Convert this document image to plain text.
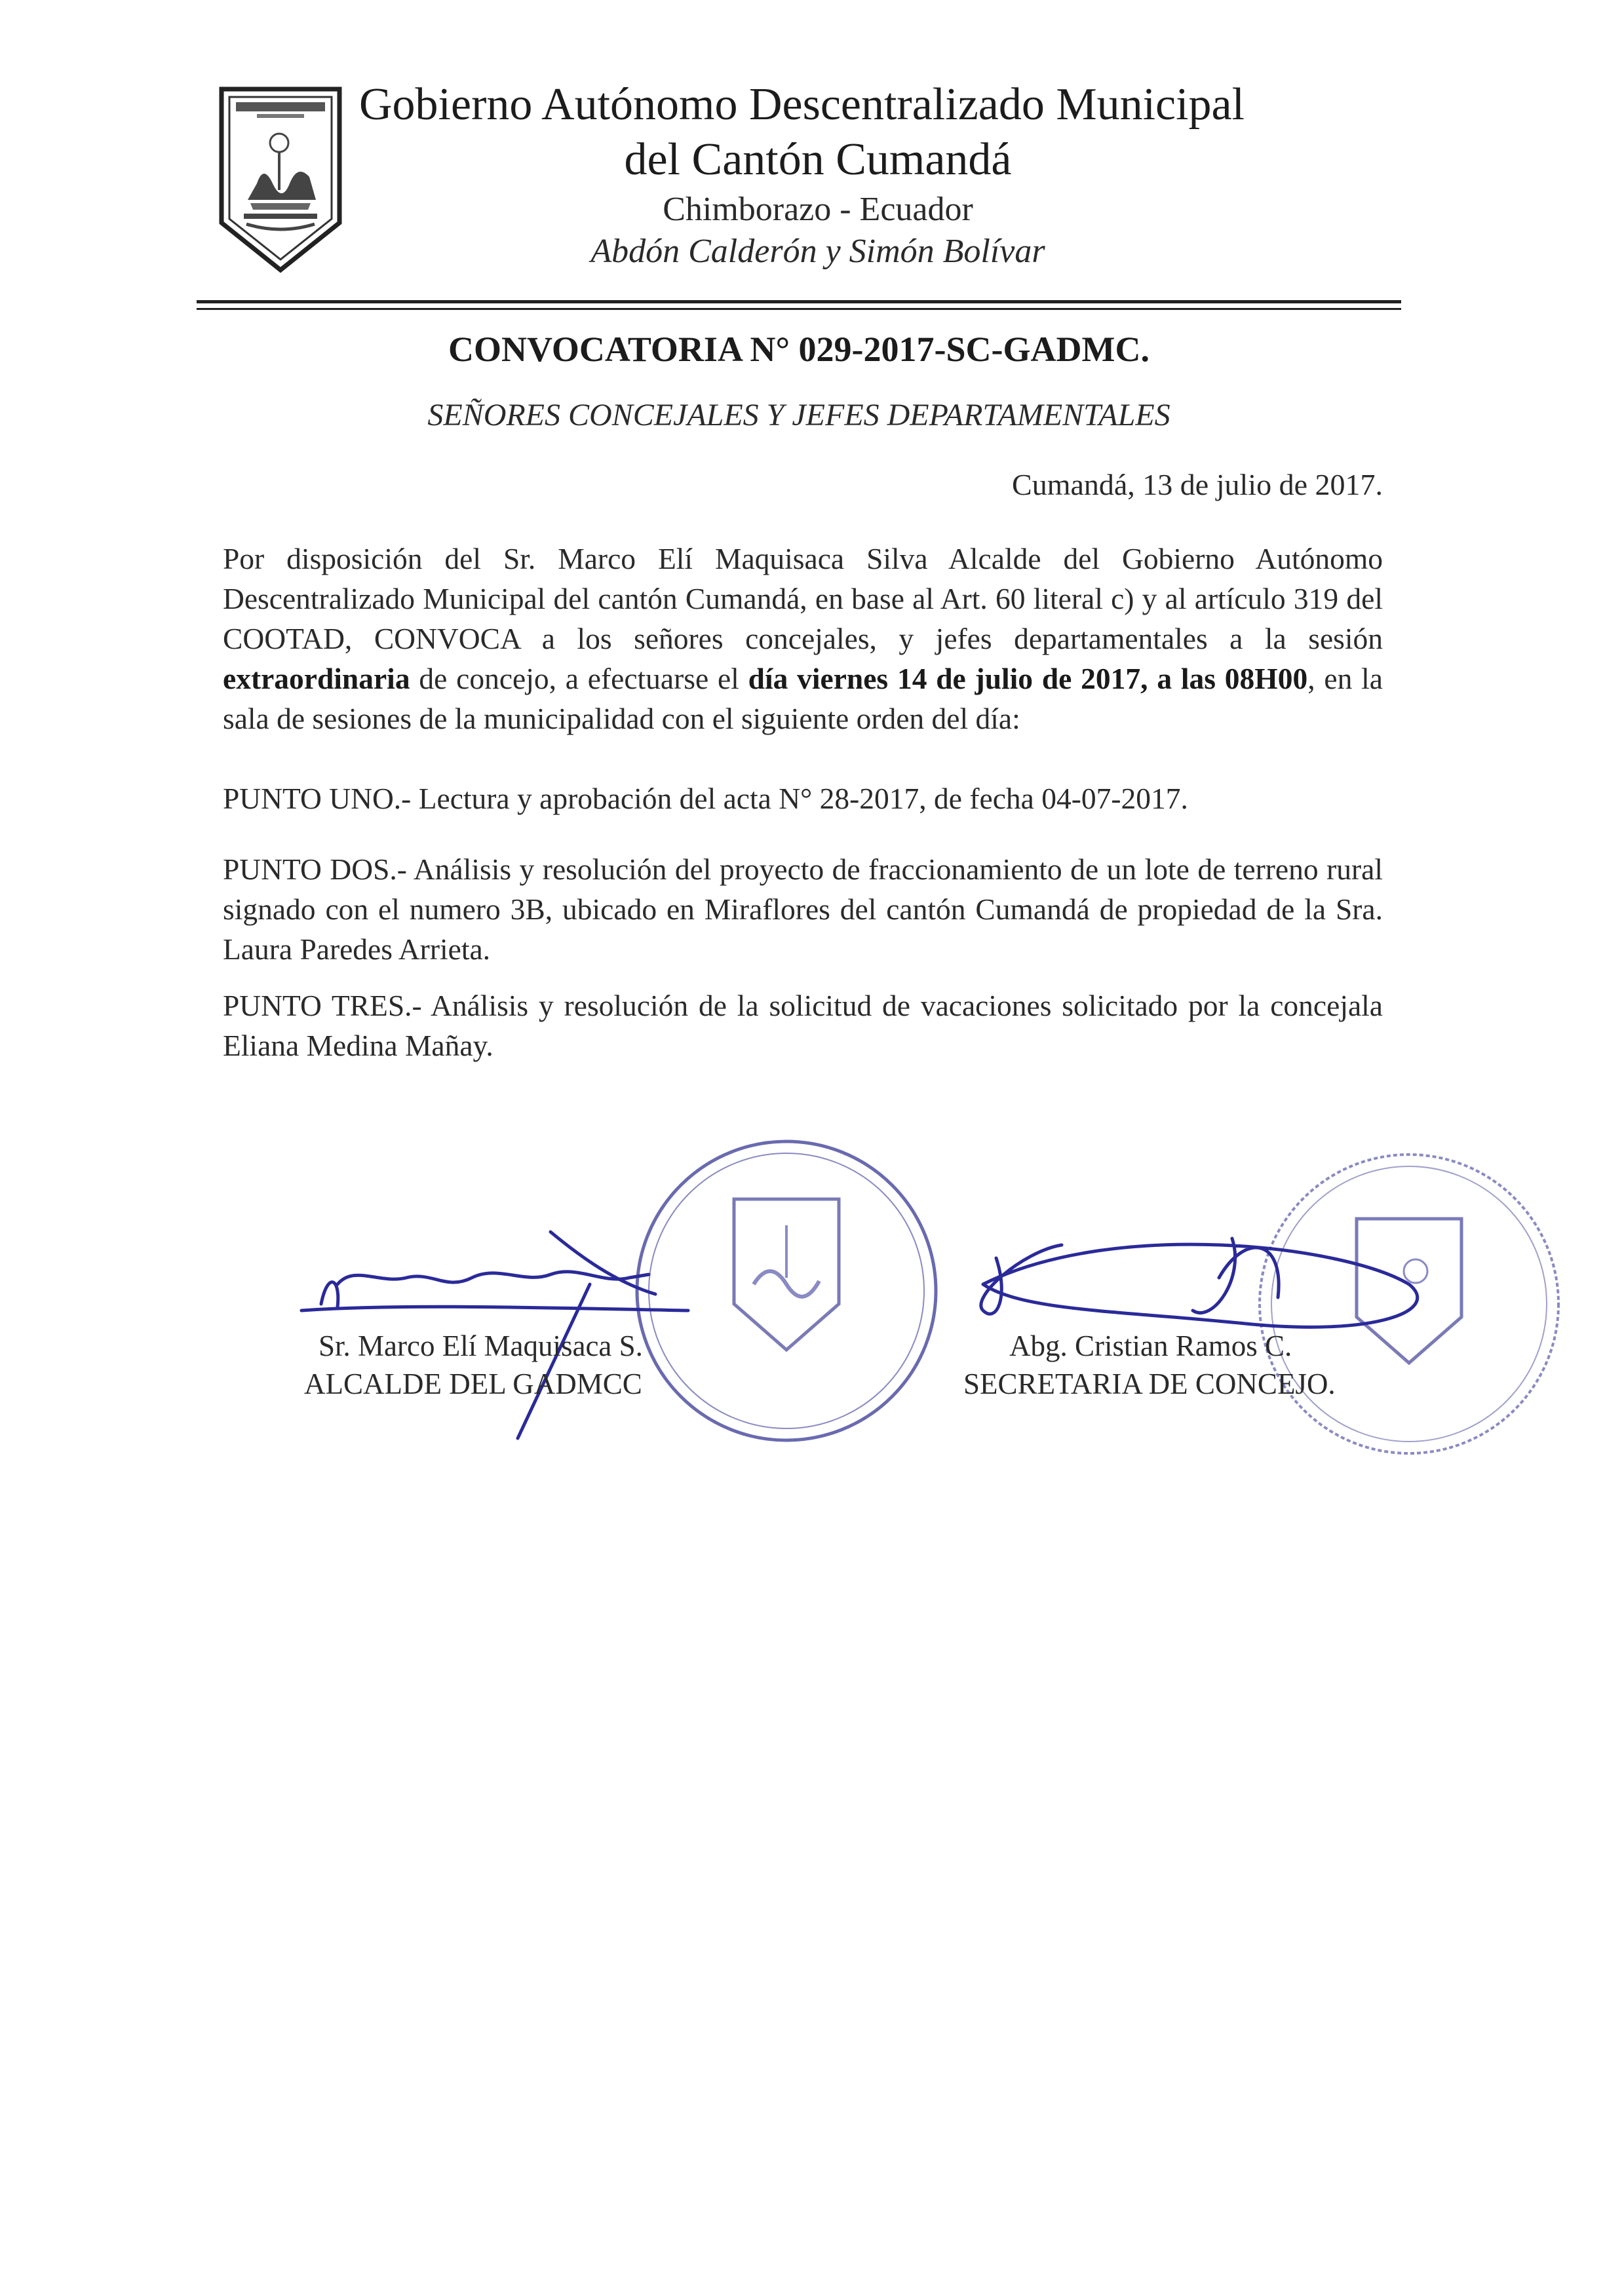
Gobierno Autónomo Descentralizado Municipal
del Cantón Cumandá
Chimborazo - Ecuador
Abdón Calderón y Simón Bolívar
CONVOCATORIA N° 029-2017-SC-GADMC.
SEÑORES CONCEJALES Y JEFES DEPARTAMENTALES
Cumandá, 13 de julio de 2017.
Por disposición del Sr. Marco Elí Maquisaca Silva Alcalde del Gobierno Autónomo Descentralizado Municipal del cantón Cumandá, en base al Art. 60 literal c) y al artículo 319 del COOTAD, CONVOCA a los señores concejales, y jefes departamentales a la sesión extraordinaria de concejo, a efectuarse el día viernes 14 de julio de 2017, a las 08H00, en la sala de sesiones de la municipalidad con el siguiente orden del día:
PUNTO UNO.- Lectura y aprobación del acta N° 28-2017, de fecha 04-07-2017.
PUNTO DOS.- Análisis y resolución del proyecto de fraccionamiento de un lote de terreno rural signado con el numero 3B, ubicado en Miraflores del cantón Cumandá de propiedad de la Sra. Laura Paredes Arrieta.
PUNTO TRES.- Análisis y resolución de la solicitud de vacaciones solicitado por la concejala Eliana Medina Mañay.
Sr. Marco Elí Maquisaca S.
ALCALDE DEL GADMCC
Abg. Cristian Ramos C.
SECRETARIA DE CONCEJO.
